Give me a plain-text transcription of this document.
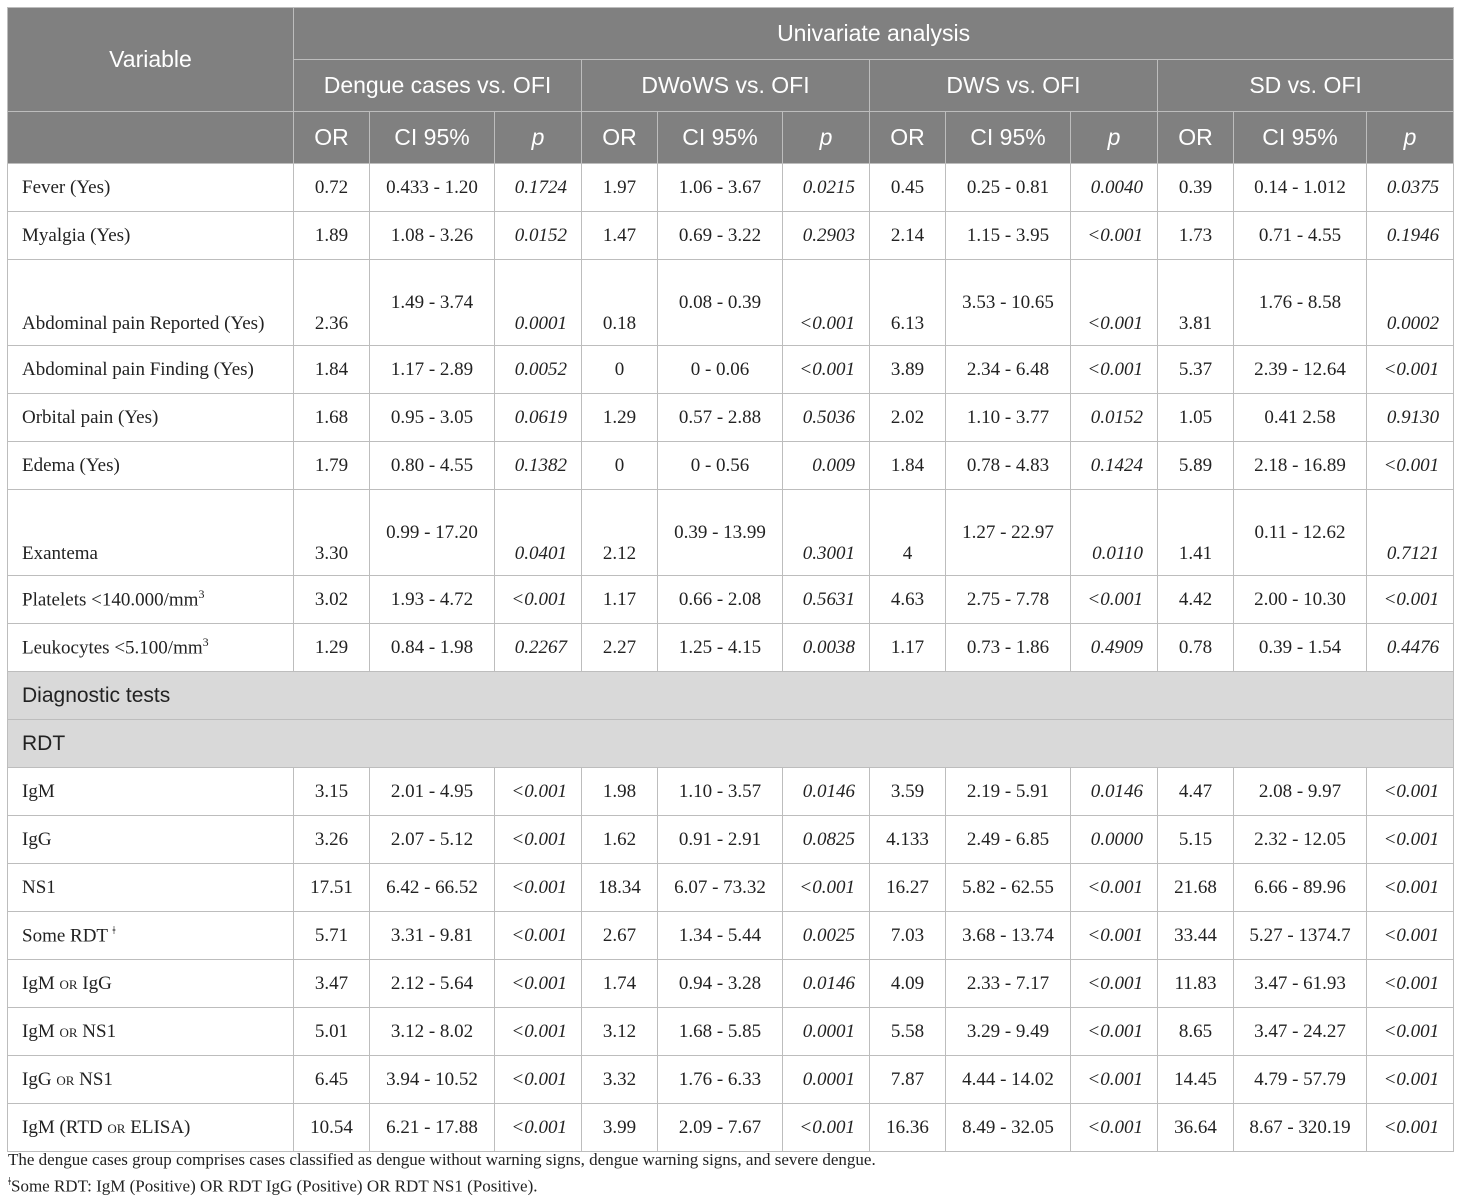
Variable	Univariate analysis											
	Dengue cases vs. OFI			DWoWS vs. OFI			DWS vs. OFI			SD vs. OFI		
	OR	CI 95%	p	OR	CI 95%	p	OR	CI 95%	p	OR	CI 95%	p
Fever (Yes)	0.72	0.433 - 1.20	0.1724	1.97	1.06 - 3.67	0.0215	0.45	0.25 - 0.81	0.0040	0.39	0.14 - 1.012	0.0375
Myalgia (Yes)	1.89	1.08 - 3.26	0.0152	1.47	0.69 - 3.22	0.2903	2.14	1.15 - 3.95	<0.001	1.73	0.71 - 4.55	0.1946
Abdominal pain Reported (Yes)	2.36	1.49 - 3.74	0.0001	0.18	0.08 - 0.39	<0.001	6.13	3.53 - 10.65	<0.001	3.81	1.76 - 8.58	0.0002
Abdominal pain Finding (Yes)	1.84	1.17 - 2.89	0.0052	0	0 - 0.06	<0.001	3.89	2.34 - 6.48	<0.001	5.37	2.39 - 12.64	<0.001
Orbital pain (Yes)	1.68	0.95 - 3.05	0.0619	1.29	0.57 - 2.88	0.5036	2.02	1.10 - 3.77	0.0152	1.05	0.41 2.58	0.9130
Edema (Yes)	1.79	0.80 - 4.55	0.1382	0	0 - 0.56	0.009	1.84	0.78 - 4.83	0.1424	5.89	2.18 - 16.89	<0.001
Exantema	3.30	0.99 - 17.20	0.0401	2.12	0.39 - 13.99	0.3001	4	1.27 - 22.97	0.0110	1.41	0.11 - 12.62	0.7121
Platelets $<140.000/mm^3$	3.02	1.93 - 4.72	<0.001	1.17	0.66 - 2.08	0.5631	4.63	2.75 - 7.78	<0.001	4.42	2.00 - 10.30	<0.001
Leukocytes $<5.100/mm^3$	1.29	0.84 - 1.98	0.2267	2.27	1.25 - 4.15	0.0038	1.17	0.73 - 1.86	0.4909	0.78	0.39 - 1.54	0.4476
Diagnostic tests												
RDT												
IgM	3.15	2.01 - 4.95	<0.001	1.98	1.10 - 3.57	0.0146	3.59	2.19 - 5.91	0.0146	4.47	2.08 - 9.97	<0.001
IgG	3.26	2.07 - 5.12	<0.001	1.62	0.91 - 2.91	0.0825	4.133	2.49 - 6.85	0.0000	5.15	2.32 - 12.05	<0.001
NS1	17.51	6.42 - 66.52	<0.001	18.34	6.07 - 73.32	<0.001	16.27	5.82 - 62.55	<0.001	21.68	6.66 - 89.96	<0.001
Some RDT $^ǂ$	5.71	3.31 - 9.81	<0.001	2.67	1.34 - 5.44	0.0025	7.03	3.68 - 13.74	<0.001	33.44	5.27 - 1374.7	<0.001
IgM OR IgG	3.47	2.12 - 5.64	<0.001	1.74	0.94 - 3.28	0.0146	4.09	2.33 - 7.17	<0.001	11.83	3.47 - 61.93	<0.001
IgM OR NS1	5.01	3.12 - 8.02	<0.001	3.12	1.68 - 5.85	0.0001	5.58	3.29 - 9.49	<0.001	8.65	3.47 - 24.27	<0.001
IgG OR NS1	6.45	3.94 - 10.52	<0.001	3.32	1.76 - 6.33	0.0001	7.87	4.44 - 14.02	<0.001	14.45	4.79 - 57.79	<0.001
IgM (RTD OR ELISA)	10.54	6.21 - 17.88	<0.001	3.99	2.09 - 7.67	<0.001	16.36	8.49 - 32.05	<0.001	36.64	8.67 - 320.19	<0.001
The dengue cases group comprises cases classified as dengue without warning signs, dengue warning signs, and severe dengue.
$^ǂ$Some RDT: IgM (Positive) OR RDT IgG (Positive) OR RDT NS1 (Positive).
